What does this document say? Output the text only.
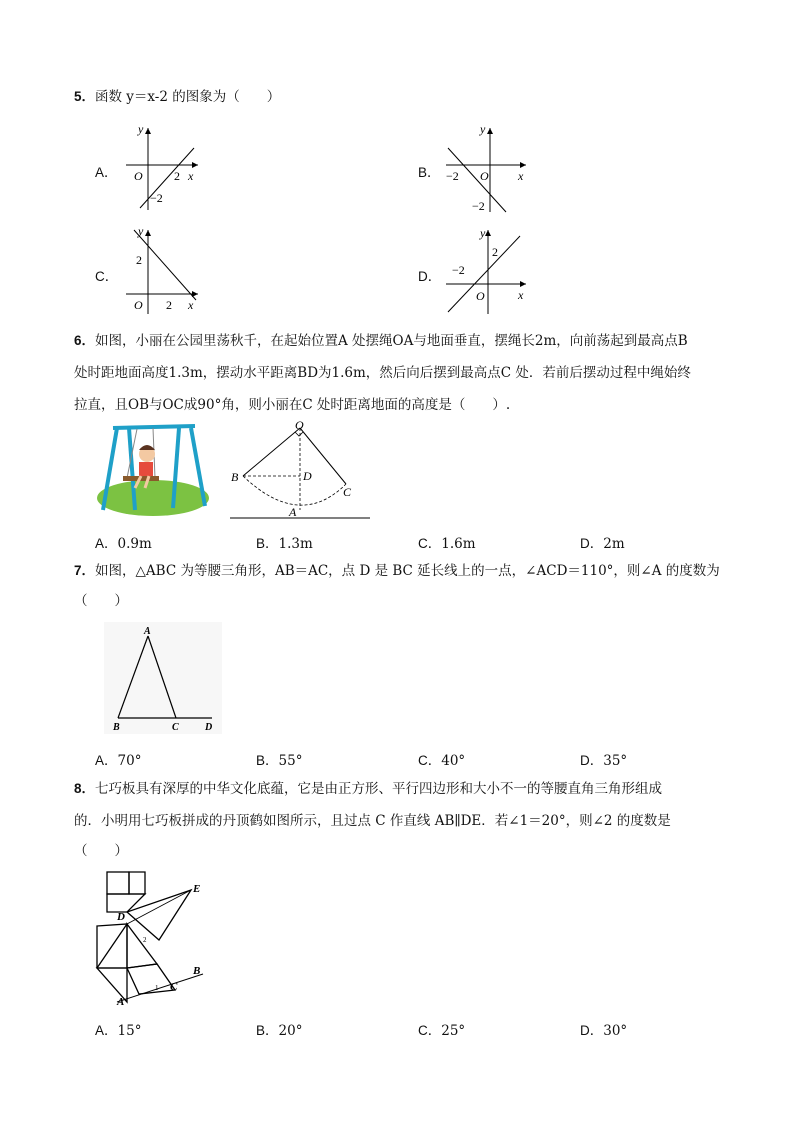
5．函数 y＝x-2 的图象为（　　）
A．
y
x
O	2
−2
B．
y
x
O
−2
−2
C．
y
x
O
2
2
D．
y
x
O
2
−2
6．如图，小丽在公园里荡秋千，在起始位置A 处摆绳OA与地面垂直，摆绳长2m，向前荡起到最高点B
处时距地面高度1.3m，摆动水平距离BD为1.6m，然后向后摆到最高点C 处．若前后摆动过程中绳始终
拉直，且OB与OC成90°角，则小丽在C 处时距离地面的高度是（　　）.
O
B	D
C
A
A．0.9m	B．1.3m	C．1.6m	D．2m
7．如图，△ABC 为等腰三角形，AB＝AC，点 D 是 BC 延长线上的一点，∠ACD＝110°，则∠A 的度数为
（　　）
A
B	C	D
A．70°	B．55°	C．40°	D．35°
8．七巧板具有深厚的中华文化底蕴，它是由正方形、平行四边形和大小不一的等腰直角三角形组成
的．小明用七巧板拼成的丹顶鹤如图所示，且过点 C 作直线 AB∥DE．若∠1＝20°，则∠2 的度数是
（　　）
E
D
B
C
A
1
2
A．15°	B．20°	C．25°	D．30°
